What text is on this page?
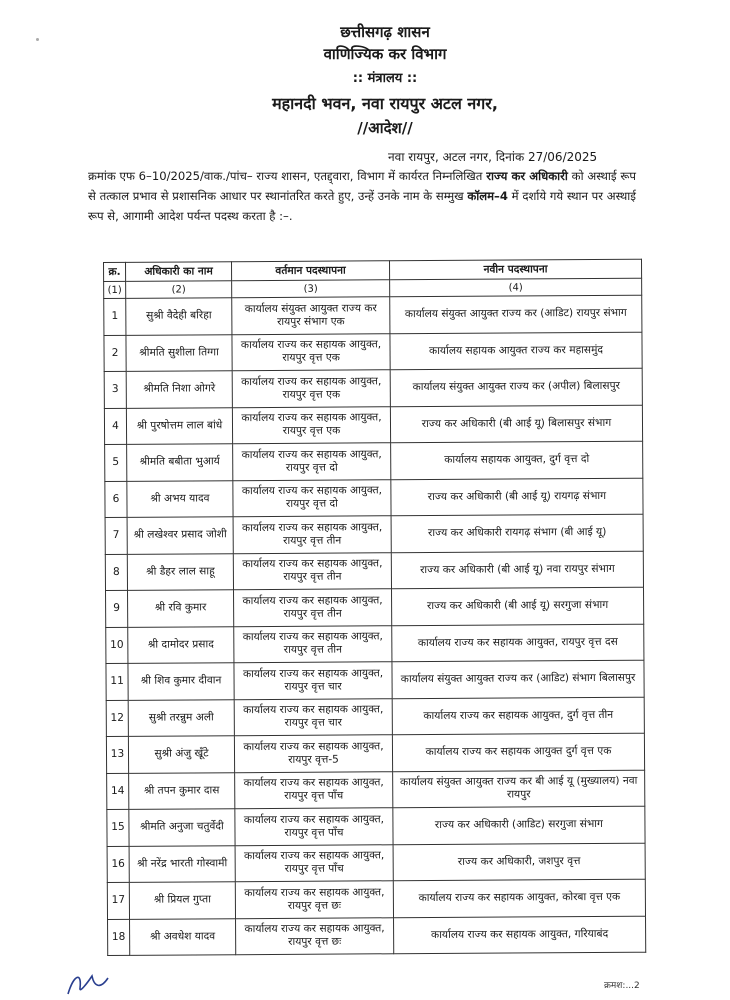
छत्तीसगढ़ शासन
वाणिज्यिक कर विभाग
:: मंत्रालय ::
महानदी भवन, नवा रायपुर अटल नगर,
//आदेश//
नवा रायपुर, अटल नगर, दिनांक 27/06/2025
क्रमांक एफ 6–10/2025/वाक./पांच– राज्य शासन, एतद्द्वारा, विभाग में कार्यरत निम्नलिखित राज्य कर अधिकारी को अस्थाई रूप से तत्काल प्रभाव से प्रशासनिक आधार पर स्थानांतरित करते हुए, उन्हें उनके नाम के सम्मुख कॉलम–4 में दर्शाये गये स्थान पर अस्थाई रूप से, आगामी आदेश पर्यन्त पदस्थ करता है :–.
क्र.	अधिकारी का नाम	वर्तमान पदस्थापना	नवीन पदस्थापना
(1)	(2)	(3)	(4)
1	सुश्री वैदेही बरिहा	कार्यालय संयुक्त आयुक्त राज्य कर रायपुर संभाग एक	कार्यालय संयुक्त आयुक्त राज्य कर (आडिट) रायपुर संभाग
2	श्रीमति सुशीला तिग्गा	कार्यालय राज्य कर सहायक आयुक्त, रायपुर वृत्त एक	कार्यालय सहायक आयुक्त राज्य कर महासमुंद
3	श्रीमति निशा ओगरे	कार्यालय राज्य कर सहायक आयुक्त, रायपुर वृत्त एक	कार्यालय संयुक्त आयुक्त राज्य कर (अपील) बिलासपुर
4	श्री पुरषोत्तम लाल बांधे	कार्यालय राज्य कर सहायक आयुक्त, रायपुर वृत्त एक	राज्य कर अधिकारी (बी आई यू) बिलासपुर संभाग
5	श्रीमति बबीता भुआर्य	कार्यालय राज्य कर सहायक आयुक्त, रायपुर वृत्त दो	कार्यालय सहायक आयुक्त, दुर्ग वृत्त दो
6	श्री अभय यादव	कार्यालय राज्य कर सहायक आयुक्त, रायपुर वृत्त दो	राज्य कर अधिकारी (बी आई यू) रायगढ़ संभाग
7	श्री लखेश्वर प्रसाद जोशी	कार्यालय राज्य कर सहायक आयुक्त, रायपुर वृत्त तीन	राज्य कर अधिकारी रायगढ़ संभाग (बी आई यू)
8	श्री डैहर लाल साहू	कार्यालय राज्य कर सहायक आयुक्त, रायपुर वृत्त तीन	राज्य कर अधिकारी (बी आई यू) नवा रायपुर संभाग
9	श्री रवि कुमार	कार्यालय राज्य कर सहायक आयुक्त, रायपुर वृत्त तीन	राज्य कर अधिकारी (बी आई यू) सरगुजा संभाग
10	श्री दामोदर प्रसाद	कार्यालय राज्य कर सहायक आयुक्त, रायपुर वृत्त तीन	कार्यालय राज्य कर सहायक आयुक्त, रायपुर वृत्त दस
11	श्री शिव कुमार दीवान	कार्यालय राज्य कर सहायक आयुक्त, रायपुर वृत्त चार	कार्यालय संयुक्त आयुक्त राज्य कर (आडिट) संभाग बिलासपुर
12	सुश्री तरन्नुम अली	कार्यालय राज्य कर सहायक आयुक्त, रायपुर वृत्त चार	कार्यालय राज्य कर सहायक आयुक्त, दुर्ग वृत्त तीन
13	सुश्री अंजु खूँटे	कार्यालय राज्य कर सहायक आयुक्त, रायपुर वृत्त-5	कार्यालय राज्य कर सहायक आयुक्त दुर्ग वृत्त एक
14	श्री तपन कुमार दास	कार्यालय राज्य कर सहायक आयुक्त, रायपुर वृत्त पाँच	कार्यालय संयुक्त आयुक्त राज्य कर बी आई यू (मुख्यालय) नवा रायपुर
15	श्रीमति अनुजा चतुर्वेदी	कार्यालय राज्य कर सहायक आयुक्त, रायपुर वृत्त पाँच	राज्य कर अधिकारी (आडिट) सरगुजा संभाग
16	श्री नरेंद्र भारती गोस्वामी	कार्यालय राज्य कर सहायक आयुक्त, रायपुर वृत्त पाँच	राज्य कर अधिकारी, जशपुर वृत्त
17	श्री प्रियल गुप्ता	कार्यालय राज्य कर सहायक आयुक्त, रायपुर वृत्त छः	कार्यालय राज्य कर सहायक आयुक्त, कोरबा वृत्त एक
18	श्री अवधेश यादव	कार्यालय राज्य कर सहायक आयुक्त, रायपुर वृत्त छः	कार्यालय राज्य कर सहायक आयुक्त, गरियाबंद
क्रमश:...2
